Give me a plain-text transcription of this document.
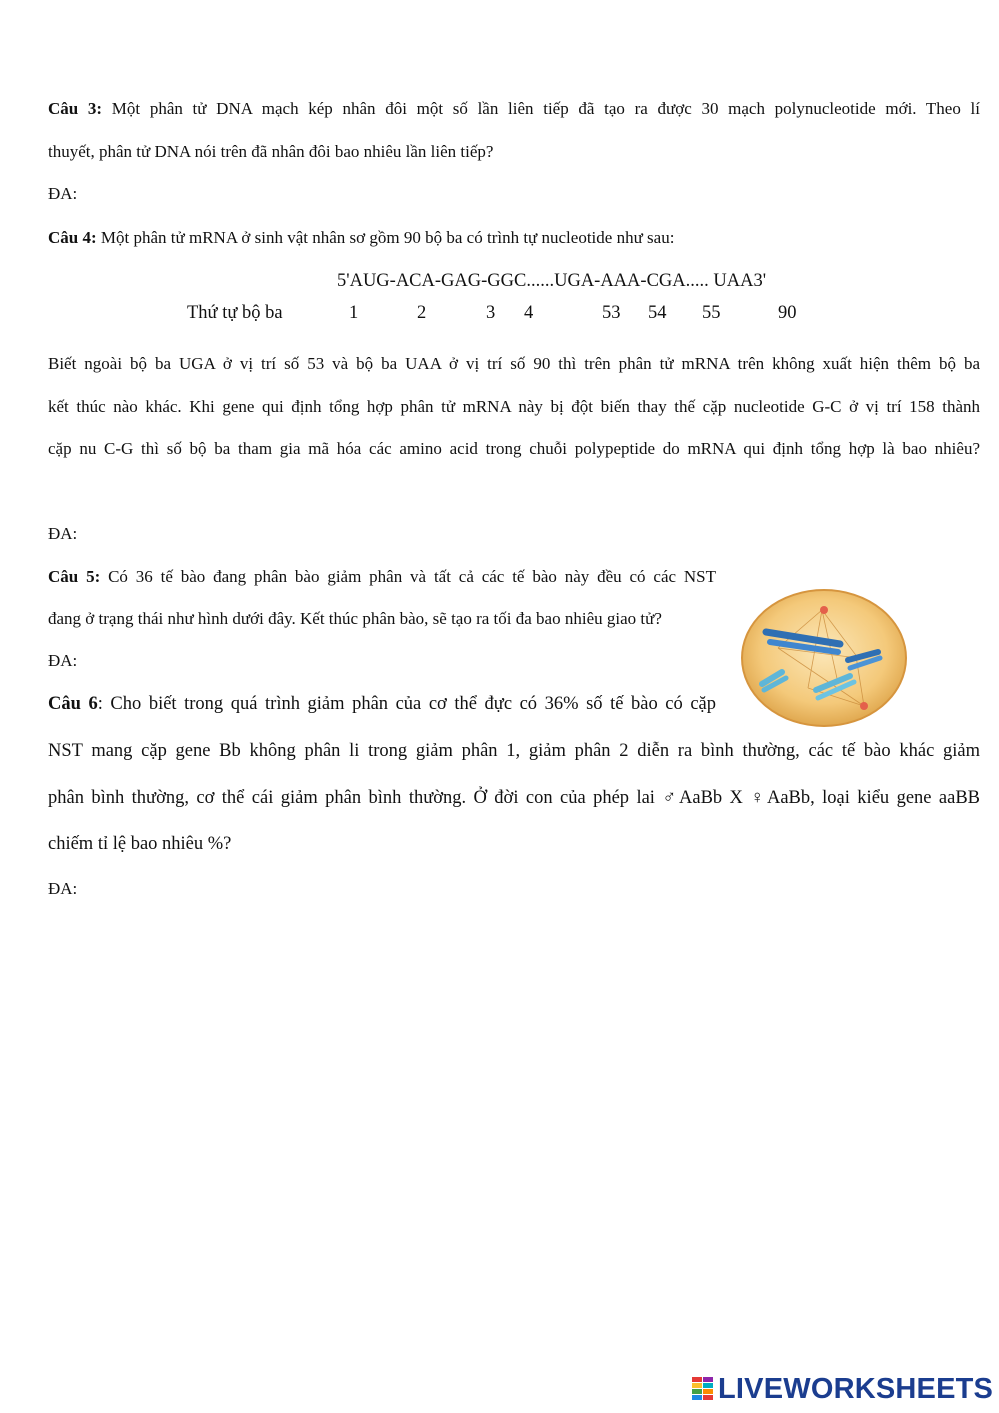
Câu 3: Một phân tử DNA mạch kép nhân đôi một số lần liên tiếp đã tạo ra được 30 mạch polynucleotide mới. Theo lí
thuyết, phân tử DNA nói trên đã nhân đôi bao nhiêu lần liên tiếp?
ĐA:
Câu 4: Một phân tử mRNA ở sinh vật nhân sơ gồm 90 bộ ba có trình tự nucleotide như sau:
5'AUG-ACA-GAG-GGC......UGA-AAA-CGA..... UAA3'
Thứ tự bộ ba	1	2	3 4	53 54 55	90
Biết ngoài bộ ba UGA ở vị trí số 53 và bộ ba UAA ở vị trí số 90 thì trên phân tử mRNA trên không xuất hiện thêm bộ ba
kết thúc nào khác. Khi gene qui định tổng hợp phân tử mRNA này bị đột biến thay thế cặp nucleotide G-C ở vị trí 158 thành
cặp nu C-G thì số bộ ba tham gia mã hóa các amino acid trong chuỗi polypeptide do mRNA qui định tổng hợp là bao nhiêu?
ĐA:
Câu 5: Có 36 tế bào đang phân bào giảm phân và tất cả các tế bào này đều có các NST
đang ở trạng thái như hình dưới đây. Kết thúc phân bào, sẽ tạo ra tối đa bao nhiêu giao tử?
ĐA:
Câu 6: Cho biết trong quá trình giảm phân của cơ thể đực có 36% số tế bào có cặp
NST mang cặp gene Bb không phân li trong giảm phân 1, giảm phân 2 diễn ra bình thường, các tế bào khác giảm
phân bình thường, cơ thể cái giảm phân bình thường. Ở đời con của phép lai ♂AaBb X ♀AaBb, loại kiểu gene aaBB
chiếm tỉ lệ bao nhiêu %?
ĐA:
LIVEWORKSHEETS
